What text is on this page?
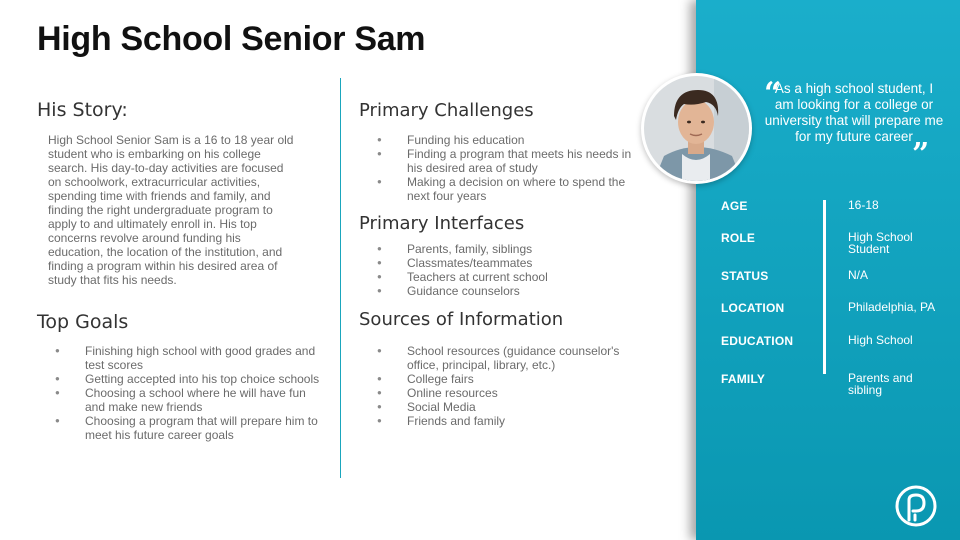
High School Senior Sam
His Story:

High School Senior Sam is a 16 to 18 year old student who is embarking on his college search. His day-to-day activities are focused on schoolwork, extracurricular activities, spending time with friends and family, and finding the right undergraduate program to apply to and ultimately enroll in. His top concerns revolve around funding his education, the location of the institution, and finding a program within his desired area of study that fits his needs.

Top Goals
● Finishing high school with good grades and test scores
● Getting accepted into his top choice schools
● Choosing a school where he will have fun and make new friends
● Choosing a program that will prepare him to meet his future career goals
Primary Challenges
● Funding his education
● Finding a program that meets his needs in his desired area of study
● Making a decision on where to spend the next four years
Primary Interfaces
● Parents, family, siblings
● Classmates/teammates
● Teachers at current school
● Guidance counselors
Sources of Information
● School resources (guidance counselor's office, principal, library, etc.)
● College fairs
● Online resources
● Social Media
● Friends and family
“

As a high school student, I am looking for a college or university that will prepare me for my future career

”
AGE	16-18
ROLE	High School Student
STATUS	N/A
LOCATION	Philadelphia, PA
EDUCATION	High School
FAMILY	Parents and sibling
